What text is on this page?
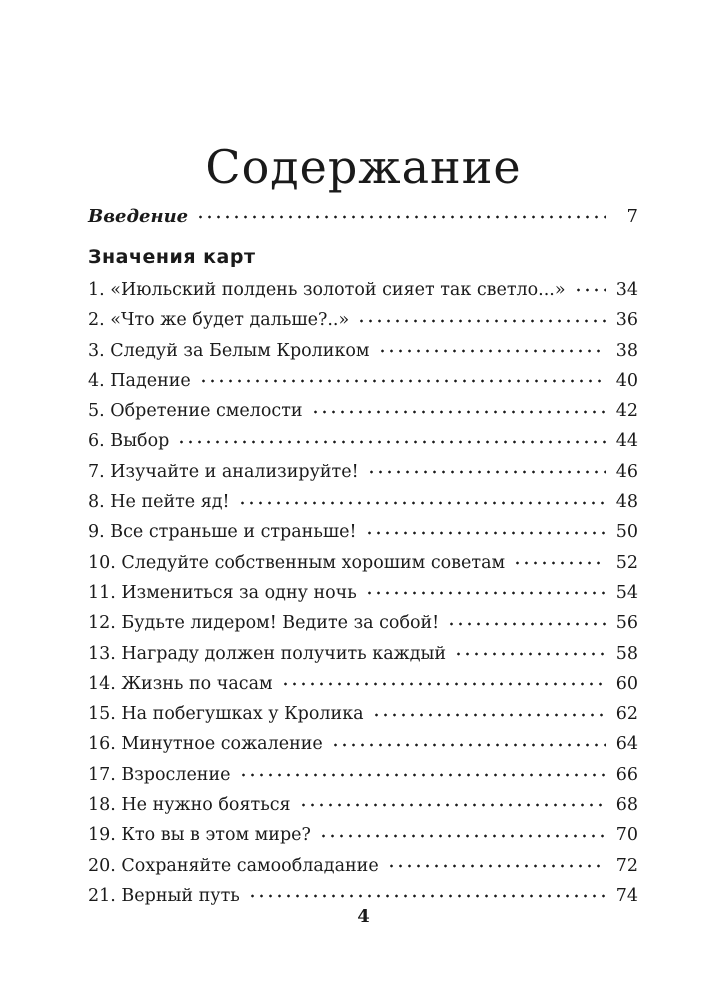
Содержание
Введение	7
Значения карт
1. «Июльский полдень золотой сияет так светло...»	34
2. «Что же будет дальше?..»	36
3. Следуй за Белым Кроликом	38
4. Падение	40
5. Обретение смелости	42
6. Выбор	44
7. Изучайте и анализируйте!	46
8. Не пейте яд!	48
9. Все страньше и страньше!	50
10. Следуйте собственным хорошим советам	52
11. Измениться за одну ночь	54
12. Будьте лидером! Ведите за собой!	56
13. Награду должен получить каждый	58
14. Жизнь по часам	60
15. На побегушках у Кролика	62
16. Минутное сожаление	64
17. Взросление	66
18. Не нужно бояться	68
19. Кто вы в этом мире?	70
20. Сохраняйте самообладание	72
21. Верный путь	74
4
